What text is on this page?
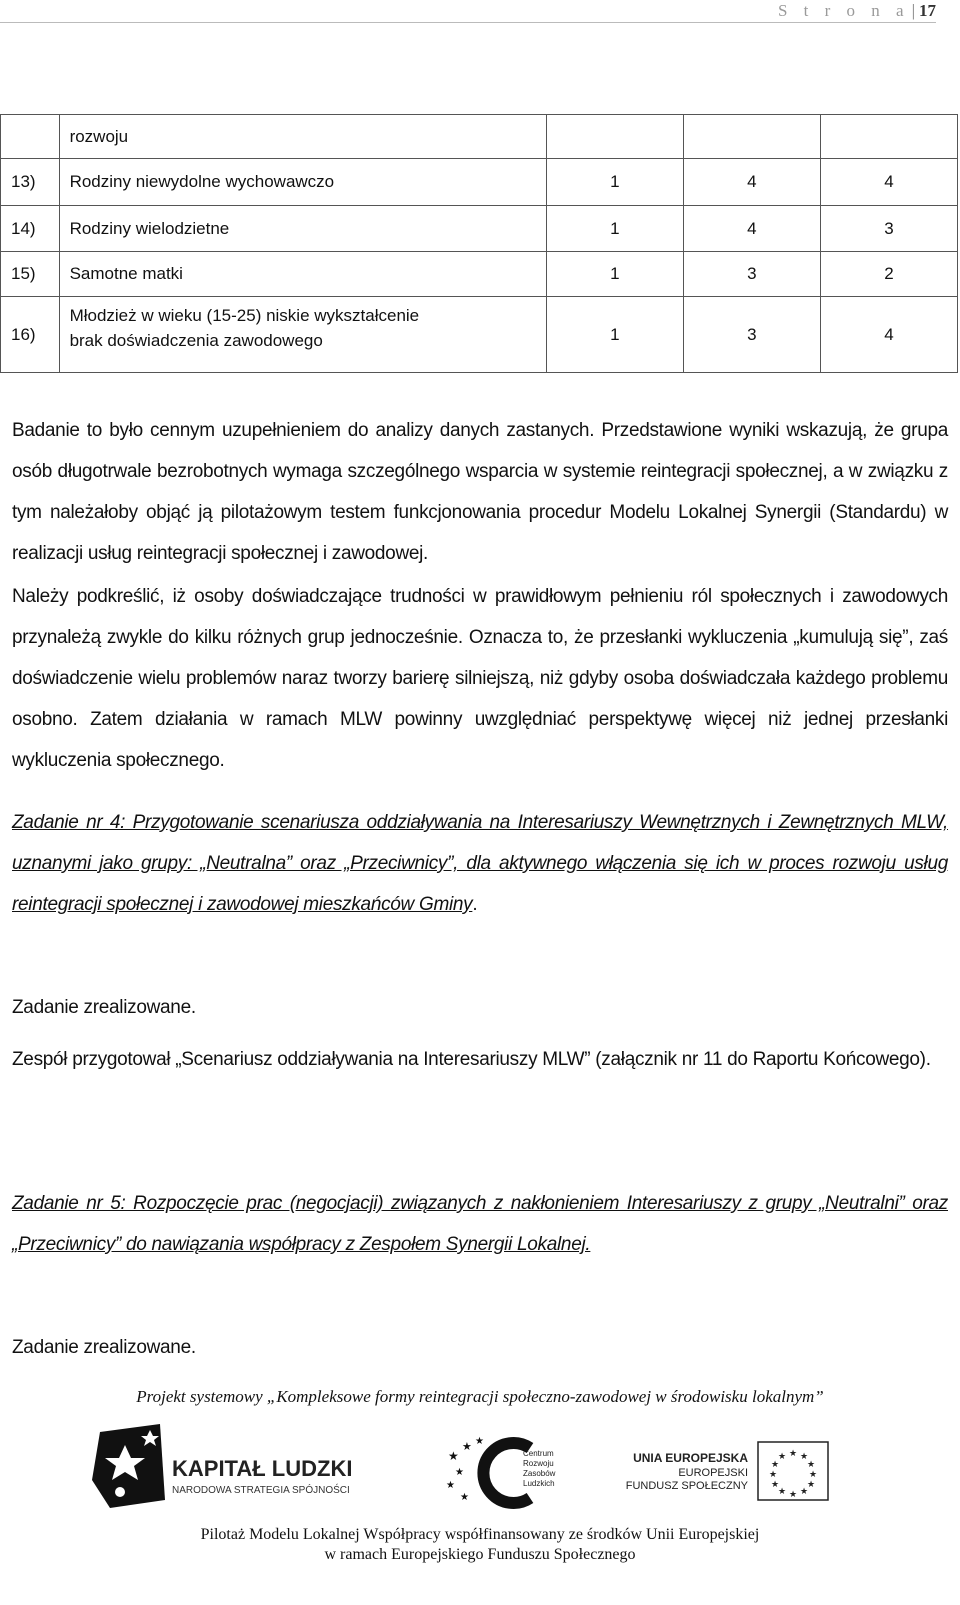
S t r o n a | 17
	rozwoju			
13)	Rodziny niewydolne wychowawczo	1	4	4
14)	Rodziny wielodzietne	1	4	3
15)	Samotne matki	1	3	2
16)	Młodzież w wieku (15-25) niskie wykształcenie
brak doświadczenia zawodowego	1	3	4
Badanie to było cennym uzupełnieniem do analizy danych zastanych. Przedstawione wyniki wskazują, że grupa osób długotrwale bezrobotnych wymaga szczególnego wsparcia w systemie reintegracji społecznej, a w związku z tym należałoby objąć ją pilotażowym testem funkcjonowania procedur Modelu Lokalnej Synergii (Standardu) w realizacji usług reintegracji społecznej i zawodowej.
Należy podkreślić, iż osoby doświadczające trudności w prawidłowym pełnieniu ról społecznych i zawodowych przynależą zwykle do kilku różnych grup jednocześnie. Oznacza to, że przesłanki wykluczenia „kumulują się”, zaś doświadczenie wielu problemów naraz tworzy barierę silniejszą, niż gdyby osoba doświadczała każdego problemu osobno. Zatem działania w ramach MLW powinny uwzględniać perspektywę więcej niż jednej przesłanki wykluczenia społecznego.
Zadanie nr 4: Przygotowanie scenariusza oddziaływania na Interesariuszy Wewnętrznych i Zewnętrznych MLW, uznanymi jako grupy: „Neutralna” oraz „Przeciwnicy”, dla aktywnego włączenia się ich w proces rozwoju usług reintegracji społecznej i zawodowej mieszkańców Gminy.
Zadanie zrealizowane.
Zespół przygotował „Scenariusz oddziaływania na Interesariuszy MLW” (załącznik nr 11 do Raportu Końcowego).
Zadanie nr 5: Rozpoczęcie prac (negocjacji) związanych z nakłonieniem Interesariuszy z grupy „Neutralni” oraz „Przeciwnicy” do nawiązania współpracy z Zespołem Synergii Lokalnej.
Zadanie zrealizowane.
Projekt systemowy „Kompleksowe formy reintegracji społeczno-zawodowej w środowisku lokalnym”
KAPITAŁ LUDZKI
NARODOWA STRATEGIA SPÓJNOŚCI
★
★
★
★
★
★
Centrum
Rozwoju
Zasobów
Ludzkich
UNIA EUROPEJSKA
EUROPEJSKI
FUNDUSZ SPOŁECZNY
★ ★
★
★
★
★
★
★
★
★
★
★
Pilotaż Modelu Lokalnej Współpracy współfinansowany ze środków Unii Europejskiej
w ramach Europejskiego Funduszu Społecznego
